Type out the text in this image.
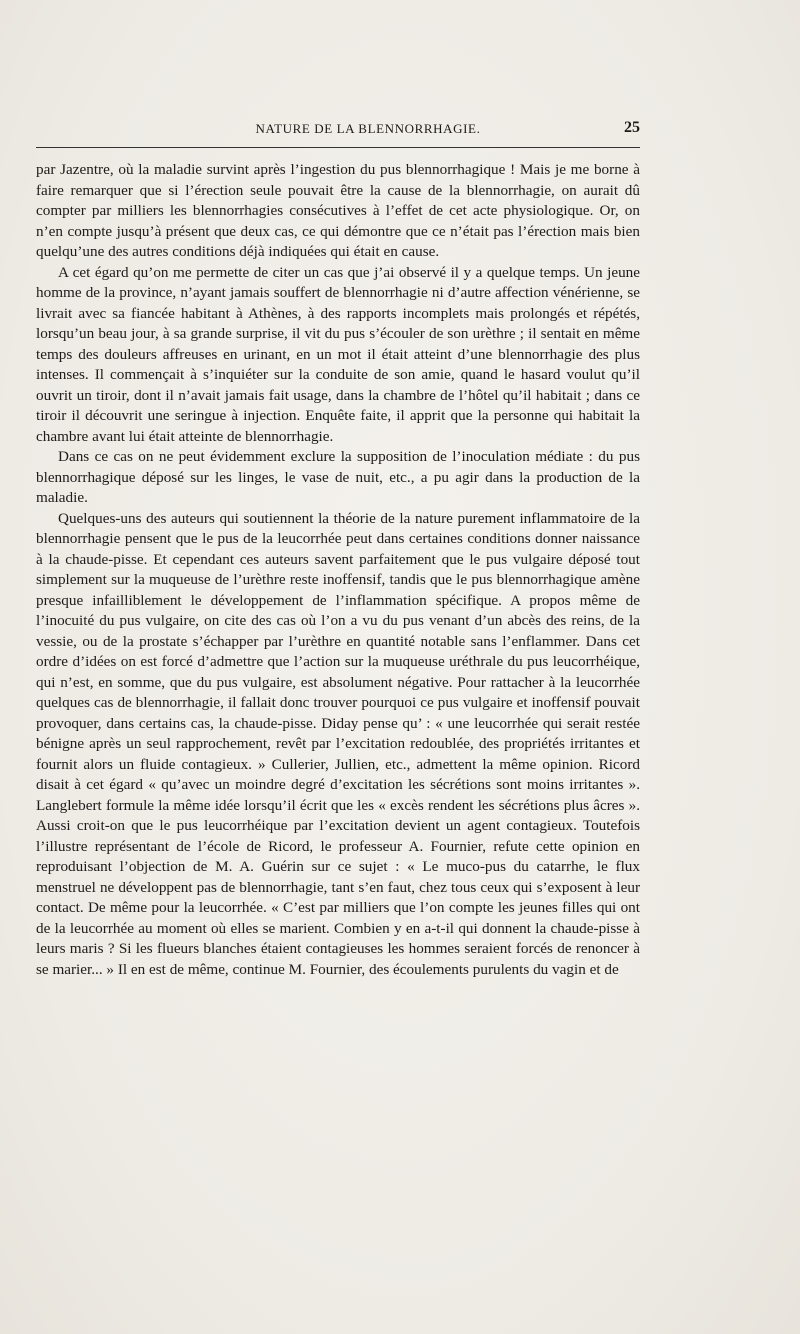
NATURE DE LA BLENNORRHAGIE.	25

par Jazentre, où la maladie survint après l’ingestion du pus blennorrhagique ! Mais je me borne à faire remarquer que si l’érection seule pouvait être la cause de la blennorrhagie, on aurait dû compter par milliers les blennorrhagies consécutives à l’effet de cet acte physiologique. Or, on n’en compte jusqu’à présent que deux cas, ce qui démontre que ce n’était pas l’érection mais bien quelqu’une des autres conditions déjà indiquées qui était en cause.

A cet égard qu’on me permette de citer un cas que j’ai observé il y a quelque temps. Un jeune homme de la province, n’ayant jamais souffert de blennorrhagie ni d’autre affection vénérienne, se livrait avec sa fiancée habitant à Athènes, à des rapports incomplets mais prolongés et répétés, lorsqu’un beau jour, à sa grande surprise, il vit du pus s’écouler de son urèthre ; il sentait en même temps des douleurs affreuses en urinant, en un mot il était atteint d’une blennorrhagie des plus intenses. Il commençait à s’inquiéter sur la conduite de son amie, quand le hasard voulut qu’il ouvrit un tiroir, dont il n’avait jamais fait usage, dans la chambre de l’hôtel qu’il habitait ; dans ce tiroir il découvrit une seringue à injection. Enquête faite, il apprit que la personne qui habitait la chambre avant lui était atteinte de blennorrhagie.

Dans ce cas on ne peut évidemment exclure la supposition de l’inoculation médiate : du pus blennorrhagique déposé sur les linges, le vase de nuit, etc., a pu agir dans la production de la maladie.

Quelques-uns des auteurs qui soutiennent la théorie de la nature purement inflammatoire de la blennorrhagie pensent que le pus de la leucorrhée peut dans certaines conditions donner naissance à la chaude-pisse. Et cependant ces auteurs savent parfaitement que le pus vulgaire déposé tout simplement sur la muqueuse de l’urèthre reste inoffensif, tandis que le pus blennorrhagique amène presque infailliblement le développement de l’inflammation spécifique. A propos même de l’inocuité du pus vulgaire, on cite des cas où l’on a vu du pus venant d’un abcès des reins, de la vessie, ou de la prostate s’échapper par l’urèthre en quantité notable sans l’enflammer. Dans cet ordre d’idées on est forcé d’admettre que l’action sur la muqueuse uréthrale du pus leucorrhéique, qui n’est, en somme, que du pus vulgaire, est absolument négative. Pour rattacher à la leucorrhée quelques cas de blennorrhagie, il fallait donc trouver pourquoi ce pus vulgaire et inoffensif pouvait provoquer, dans certains cas, la chaude-pisse. Diday pense qu’ : « une leucorrhée qui serait restée bénigne après un seul rapprochement, revêt par l’excitation redoublée, des propriétés irritantes et fournit alors un fluide contagieux. » Cullerier, Jullien, etc., admettent la même opinion. Ricord disait à cet égard « qu’avec un moindre degré d’excitation les sécrétions sont moins irritantes ». Langlebert formule la même idée lorsqu’il écrit que les « excès rendent les sécrétions plus âcres ». Aussi croit-on que le pus leucorrhéique par l’excitation devient un agent contagieux. Toutefois l’illustre représentant de l’école de Ricord, le professeur A. Fournier, refute cette opinion en reproduisant l’objection de M. A. Guérin sur ce sujet : « Le muco-pus du catarrhe, le flux menstruel ne développent pas de blennorrhagie, tant s’en faut, chez tous ceux qui s’exposent à leur contact. De même pour la leucorrhée. « C’est par milliers que l’on compte les jeunes filles qui ont de la leucorrhée au moment où elles se marient. Combien y en a-t-il qui donnent la chaude-pisse à leurs maris ? Si les flueurs blanches étaient contagieuses les hommes seraient forcés de renoncer à se marier... » Il en est de même, continue M. Fournier, des écoulements purulents du vagin et de
